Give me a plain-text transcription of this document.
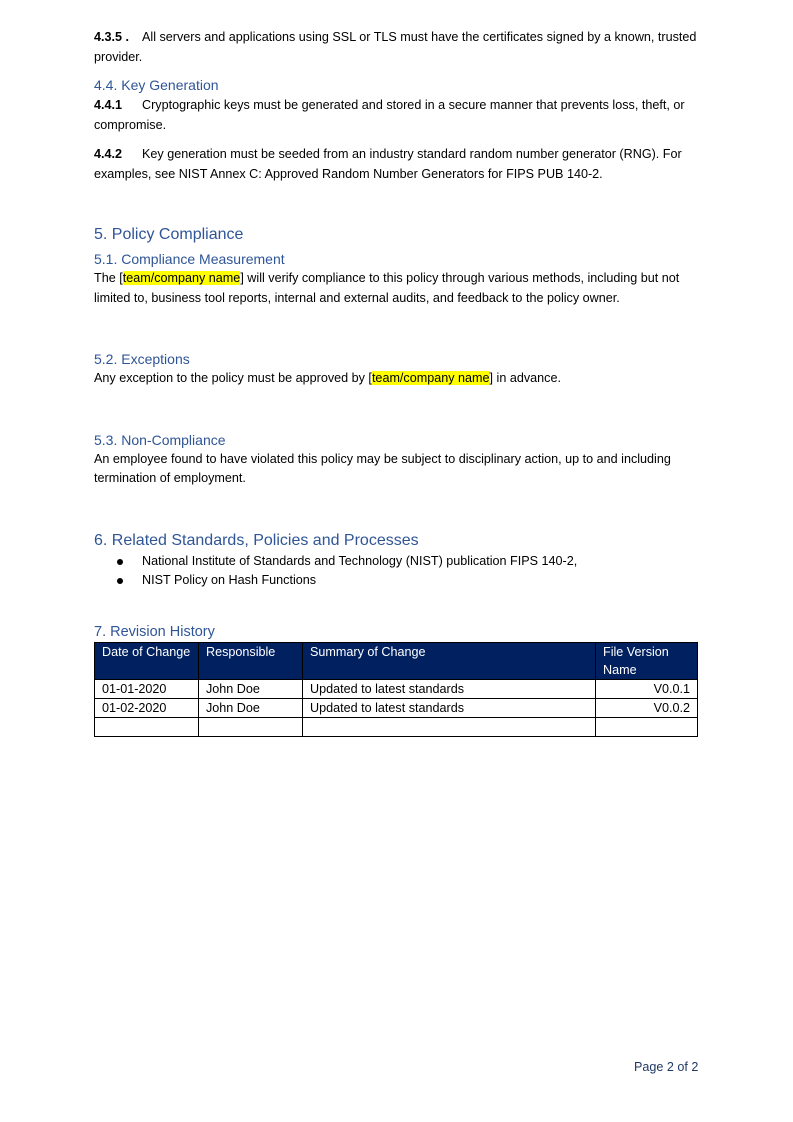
4.3.5 . All servers and applications using SSL or TLS must have the certificates signed by a known, trusted provider.

4.4. Key Generation

4.4.1 Cryptographic keys must be generated and stored in a secure manner that prevents loss, theft, or compromise.

4.4.2 Key generation must be seeded from an industry standard random number generator (RNG). For examples, see NIST Annex C: Approved Random Number Generators for FIPS PUB 140-2.

5. Policy Compliance
5.1. Compliance Measurement

The [team/company name] will verify compliance to this policy through various methods, including but not limited to, business tool reports, internal and external audits, and feedback to the policy owner.

5.2. Exceptions

Any exception to the policy must be approved by [team/company name] in advance.

5.3. Non-Compliance

An employee found to have violated this policy may be subject to disciplinary action, up to and including termination of employment.

6. Related Standards, Policies and Processes
National Institute of Standards and Technology (NIST) publication FIPS 140-2,
NIST Policy on Hash Functions
7. Revision History
Date of Change	Responsible	Summary of Change	File Version Name
01-01-2020	John Doe	Updated to latest standards	V0.0.1
01-02-2020	John Doe	Updated to latest standards	V0.0.2

Page 2 of 2
